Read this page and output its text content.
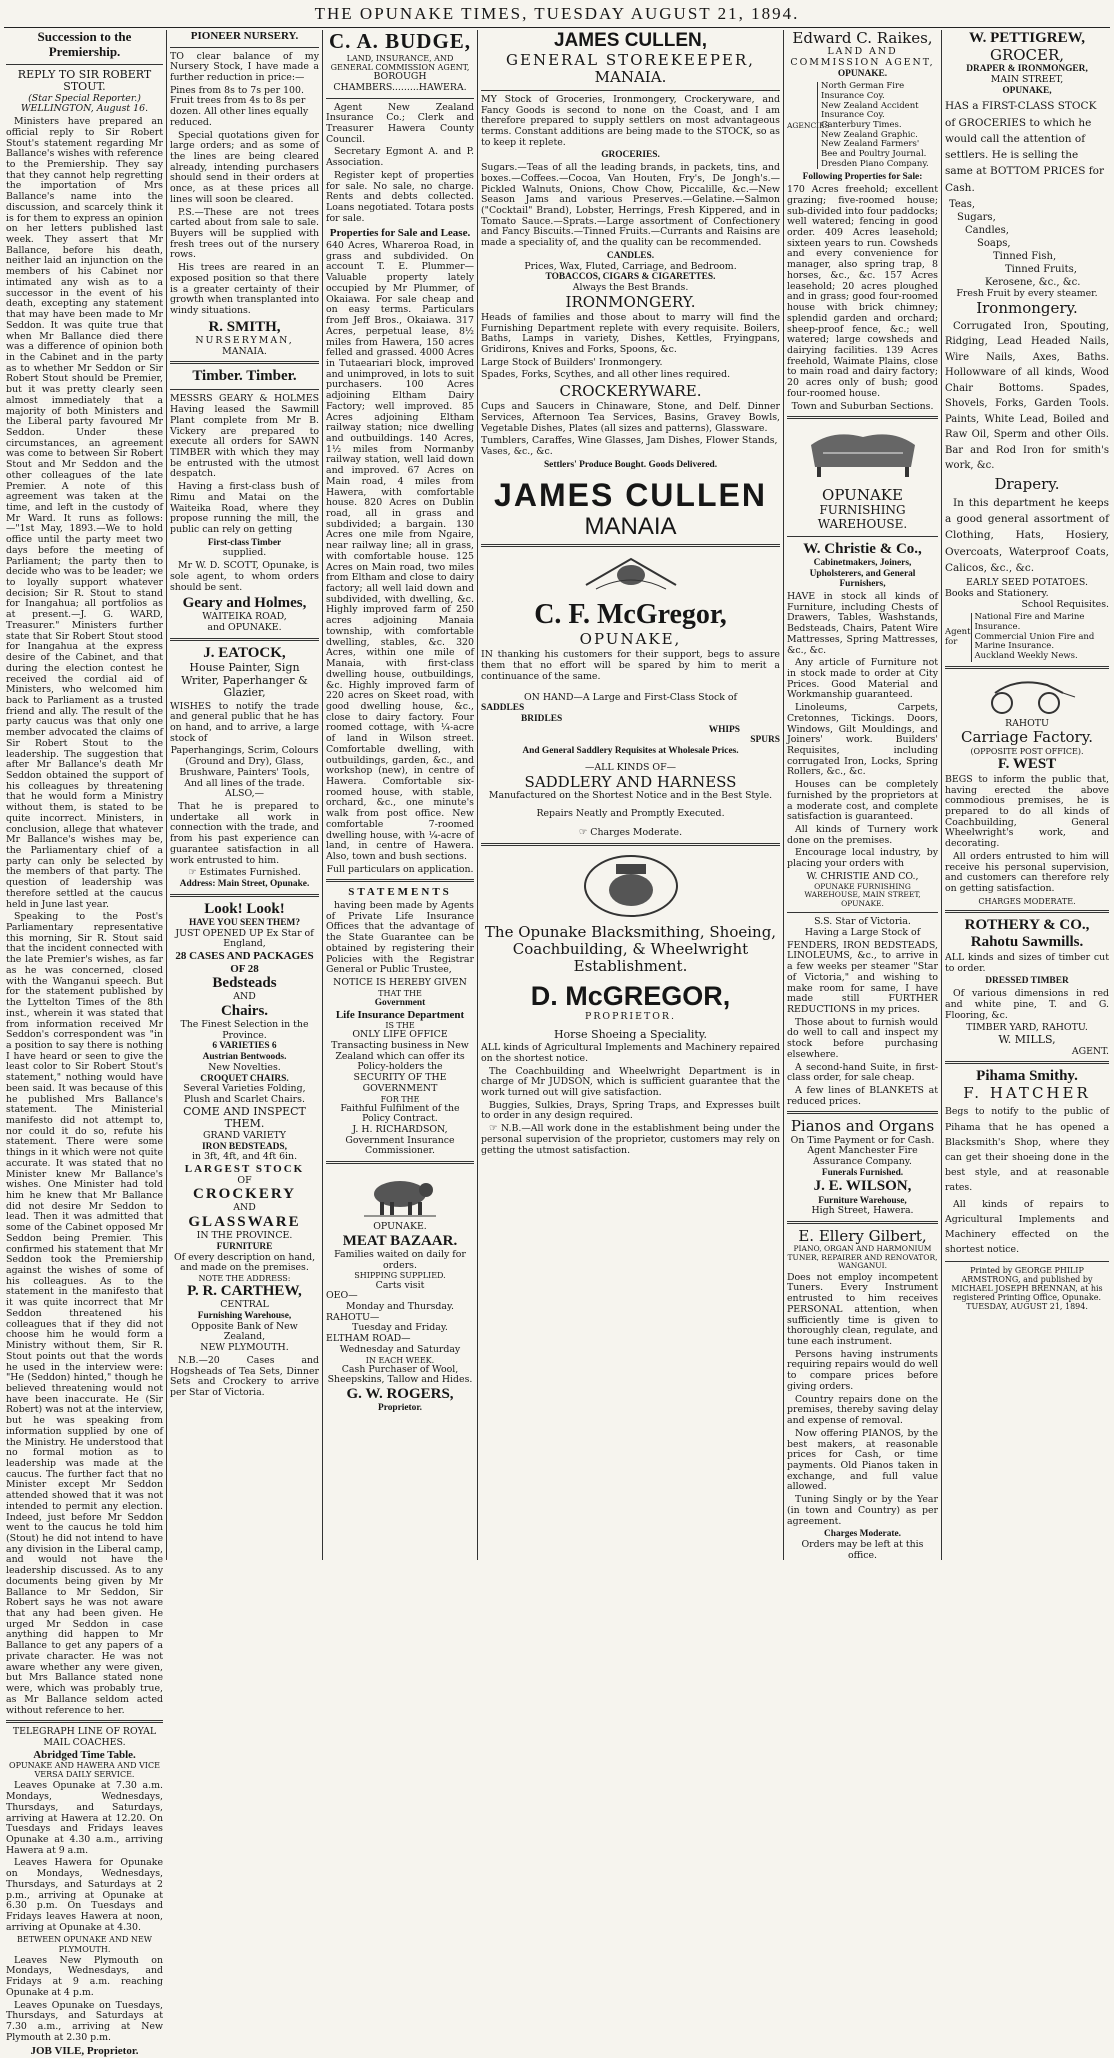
THE OPUNAKE TIMES, TUESDAY AUGUST 21, 1894.
Succession to the Premiership.
REPLY TO SIR ROBERT STOUT.
(Star Special Reporter.)
WELLINGTON, August 16.

Ministers have prepared an official reply to Sir Robert Stout's statement regarding Mr Ballance's wishes with reference to the Premiership. They say that they cannot help regretting the importation of Mrs Ballance's name into the discussion, and scarcely think it is for them to express an opinion on her letters published last week. They assert that Mr Ballance, before his death, neither laid an injunction on the members of his Cabinet nor intimated any wish as to a successor in the event of his death, excepting any statement that may have been made to Mr Seddon. It was quite true that when Mr Ballance died there was a difference of opinion both in the Cabinet and in the party as to whether Mr Seddon or Sir Robert Stout should be Premier, but it was pretty clearly seen almost immediately that a majority of both Ministers and the Liberal party favoured Mr Seddon. Under these circumstances, an agreement was come to between Sir Robert Stout and Mr Seddon and the other colleagues of the late Premier. A note of this agreement was taken at the time, and left in the custody of Mr Ward. It runs as follows:—"1st May, 1893.—We to hold office until the party meet two days before the meeting of Parliament; the party then to decide who was to be leader; we to loyally support whatever decision; Sir R. Stout to stand for Inangahua; all portfolios as at present.—J. G. WARD, Treasurer." Ministers further state that Sir Robert Stout stood for Inangahua at the express desire of the Cabinet, and that during the election contest he received the cordial aid of Ministers, who welcomed him back to Parliament as a trusted friend and ally. The result of the party caucus was that only one member advocated the claims of Sir Robert Stout to the leadership. The suggestion that after Mr Ballance's death Mr Seddon obtained the support of his colleagues by threatening that he would form a Ministry without them, is stated to be quite incorrect. Ministers, in conclusion, allege that whatever Mr Ballance's wishes may be, the Parliamentary chief of a party can only be selected by the members of that party. The question of leadership was therefore settled at the caucus held in June last year.

Speaking to the Post's Parliamentary representative this morning, Sir R. Stout said that the incident connected with the late Premier's wishes, as far as he was concerned, closed with the Wanganui speech. But for the statement published by the Lyttelton Times of the 8th inst., wherein it was stated that from information received Mr Seddon's correspondent was "in a position to say there is nothing I have heard or seen to give the least color to Sir Robert Stout's statement," nothing would have been said. It was because of this he published Mrs Ballance's statement. The Ministerial manifesto did not attempt to, nor could it do so, refute his statement. There were some things in it which were not quite accurate. It was stated that no Minister knew Mr Ballance's wishes. One Minister had told him he knew that Mr Ballance did not desire Mr Seddon to lead. Then it was admitted that some of the Cabinet opposed Mr Seddon being Premier. This confirmed his statement that Mr Seddon took the Premiership against the wishes of some of his colleagues. As to the statement in the manifesto that it was quite incorrect that Mr Seddon threatened his colleagues that if they did not choose him he would form a Ministry without them, Sir R. Stout points out that the words he used in the interview were: "He (Seddon) hinted," though he believed threatening would not have been inaccurate. He (Sir Robert) was not at the interview, but he was speaking from information supplied by one of the Ministry. He understood that no formal motion as to leadership was made at the caucus. The further fact that no Minister except Mr Seddon attended showed that it was not intended to permit any election. Indeed, just before Mr Seddon went to the caucus he told him (Stout) he did not intend to have any division in the Liberal camp, and would not have the leadership discussed. As to any documents being given by Mr Ballance to Mr Seddon, Sir Robert says he was not aware that any had been given. He urged Mr Seddon in case anything did happen to Mr Ballance to get any papers of a private character. He was not aware whether any were given, but Mrs Ballance stated none were, which was probably true, as Mr Ballance seldom acted without reference to her.

TELEGRAPH LINE OF ROYAL MAIL COACHES.
Abridged Time Table.
OPUNAKE AND HAWERA AND VICE VERSA DAILY SERVICE.

Leaves Opunake at 7.30 a.m. Mondays, Wednesdays, Thursdays, and Saturdays, arriving at Hawera at 12.20. On Tuesdays and Fridays leaves Opunake at 4.30 a.m., arriving Hawera at 9 a.m.

Leaves Hawera for Opunake on Mondays, Wednesdays, Thursdays, and Saturdays at 2 p.m., arriving at Opunake at 6.30 p.m. On Tuesdays and Fridays leaves Hawera at noon, arriving at Opunake at 4.30.

BETWEEN OPUNAKE AND NEW PLYMOUTH.

Leaves New Plymouth on Mondays, Wednesdays, and Fridays at 9 a.m. reaching Opunake at 4 p.m.

Leaves Opunake on Tuesdays, Thursdays, and Saturdays at 7.30 a.m., arriving at New Plymouth at 2.30 p.m.

JOB VILE, Proprietor.
PIONEER NURSERY.

TO clear balance of my Nursery Stock, I have made a further reduction in price:—

Pines from 8s to 7s per 100. Fruit trees from 4s to 8s per dozen. All other lines equally reduced.

Special quotations given for large orders; and as some of the lines are being cleared already, intending purchasers should send in their orders at once, as at these prices all lines will soon be cleared.

P.S.—These are not trees carted about from sale to sale. Buyers will be supplied with fresh trees out of the nursery rows.

His trees are reared in an exposed position so that there is a greater certainty of their growth when transplanted into windy situations.

R. SMITH,
NURSERYMAN,
MANAIA.
Timber. Timber.

MESSRS GEARY & HOLMES Having leased the Sawmill Plant complete from Mr B. Vickery are prepared to execute all orders for SAWN TIMBER with which they may be entrusted with the utmost despatch.

Having a first-class bush of Rimu and Matai on the Waiteika Road, where they propose running the mill, the public can rely on getting

First-class Timber
supplied.

Mr W. D. SCOTT, Opunake, is sole agent, to whom orders should be sent.

Geary and Holmes,
WAITEIKA ROAD,
and OPUNAKE.
J. EATOCK,
House Painter, Sign Writer, Paperhanger & Glazier,

WISHES to notify the trade and general public that he has on hand, and to arrive, a large stock of

Paperhangings, Scrim, Colours (Ground and Dry), Glass, Brushware, Painters' Tools, And all lines of the trade.
ALSO,—

That he is prepared to undertake all work in connection with the trade, and from his past experience can guarantee satisfaction in all work entrusted to him.

☞ Estimates Furnished.
Address: Main Street, Opunake.
Look! Look!
HAVE YOU SEEN THEM?
JUST OPENED UP Ex Star of England,
28 CASES AND PACKAGES OF 28
Bedsteads
AND
Chairs.
The Finest Selection in the Province.
6 VARIETIES 6
Austrian Bentwoods.
New Novelties.
CROQUET CHAIRS.
Several Varieties Folding, Plush and Scarlet Chairs.
COME AND INSPECT THEM.
GRAND VARIETY
IRON BEDSTEADS,
in 3ft, 4ft, and 4ft 6in.
LARGEST STOCK
OF
CROCKERY
AND
GLASSWARE
IN THE PROVINCE.
FURNITURE
Of every description on hand, and made on the premises.
NOTE THE ADDRESS:
P. R. CARTHEW,
CENTRAL
Furnishing Warehouse,
Opposite Bank of New Zealand,
NEW PLYMOUTH.

N.B.—20 Cases and Hogsheads of Tea Sets, Dinner Sets and Crockery to arrive per Star of Victoria.

C. A. BUDGE,
LAND, INSURANCE, AND GENERAL COMMISSION AGENT,
BOROUGH CHAMBERS.........HAWERA.

Agent New Zealand Insurance Co.; Clerk and Treasurer Hawera County Council.

Secretary Egmont A. and P. Association.

Register kept of properties for sale. No sale, no charge. Rents and debts collected. Loans negotiated. Totara posts for sale.

Properties for Sale and Lease.

640 Acres, Whareroa Road, in grass and subdivided. On account T. E. Plummer—Valuable property lately occupied by Mr Plummer, of Okaiawa. For sale cheap and on easy terms. Particulars from Jeff Bros., Okaiawa. 317 Acres, perpetual lease, 8½ miles from Hawera, 150 acres felled and grassed. 4000 Acres in Tutaeariari block, improved and unimproved, in lots to suit purchasers. 100 Acres adjoining Eltham Dairy Factory; well improved. 85 Acres adjoining Eltham railway station; nice dwelling and outbuildings. 140 Acres, 1½ miles from Normanby railway station, well laid down and improved. 67 Acres on Main road, 4 miles from Hawera, with comfortable house. 820 Acres on Dublin road, all in grass and subdivided; a bargain. 130 Acres one mile from Ngaire, near railway line; all in grass, with comfortable house. 125 Acres on Main road, two miles from Eltham and close to dairy factory; all well laid down and subdivided, with dwelling, &c. Highly improved farm of 250 acres adjoining Manaia township, with comfortable dwelling, stables, &c. 320 Acres, within one mile of Manaia, with first-class dwelling house, outbuildings, &c. Highly improved farm of 220 acres on Skeet road, with good dwelling house, &c., close to dairy factory. Four roomed cottage, with ¼-acre of land in Wilson street. Comfortable dwelling, with outbuildings, garden, &c., and workshop (new), in centre of Hawera. Comfortable six-roomed house, with stable, orchard, &c., one minute's walk from post office. New comfortable 7-roomed dwelling house, with ¼-acre of land, in centre of Hawera. Also, town and bush sections.

Full particulars on application.
STATEMENTS

having been made by Agents of Private Life Insurance Offices that the advantage of the State Guarantee can be obtained by registering their Policies with the Registrar General or Public Trustee,

NOTICE IS HEREBY GIVEN
THAT THE
Government
Life Insurance Department
IS THE
ONLY LIFE OFFICE
Transacting business in New Zealand which can offer its Policy-holders the
SECURITY OF THE GOVERNMENT
FOR THE
Faithful Fulfilment of the Policy Contract.
J. H. RICHARDSON,
Government Insurance Commissioner.
OPUNAKE.
MEAT BAZAAR.
Families waited on daily for orders.
SHIPPING SUPPLIED.
Carts visit
OEO—
Monday and Thursday.
RAHOTU—
Tuesday and Friday.
ELTHAM ROAD—
Wednesday and Saturday
IN EACH WEEK.
Cash Purchaser of Wool, Sheepskins, Tallow and Hides.
G. W. ROGERS,
Proprietor.
JAMES CULLEN,
GENERAL STOREKEEPER,
MANAIA.

MY Stock of Groceries, Ironmongery, Crockeryware, and Fancy Goods is second to none on the Coast, and I am therefore prepared to supply settlers on most advantageous terms. Constant additions are being made to the STOCK, so as to keep it replete.

GROCERIES.

Sugars.—Teas of all the leading brands, in packets, tins, and boxes.—Coffees.—Cocoa, Van Houten, Fry's, De Jongh's.—Pickled Walnuts, Onions, Chow Chow, Piccalille, &c.—New Season Jams and various Preserves.—Gelatine.—Salmon ("Cocktail" Brand), Lobster, Herrings, Fresh Kippered, and in Tomato Sauce.—Sprats.—Large assortment of Confectionery and Fancy Biscuits.—Tinned Fruits.—Currants and Raisins are made a speciality of, and the quality can be recommended.

CANDLES.
Prices, Wax, Fluted, Carriage, and Bedroom.
TOBACCOS, CIGARS & CIGARETTES.
Always the Best Brands.
IRONMONGERY.

Heads of families and those about to marry will find the Furnishing Department replete with every requisite. Boilers, Baths, Lamps in variety, Dishes, Kettles, Fryingpans, Gridirons, Knives and Forks, Spoons, &c.

Large Stock of Builders' Ironmongery.

Spades, Forks, Scythes, and all other lines required.

CROCKERYWARE.

Cups and Saucers in Chinaware, Stone, and Delf. Dinner Services, Afternoon Tea Services, Basins, Gravey Bowls, Vegetable Dishes, Plates (all sizes and patterns), Glassware.

Tumblers, Caraffes, Wine Glasses, Jam Dishes, Flower Stands, Vases, &c., &c.

Settlers' Produce Bought. Goods Delivered.
JAMES CULLEN
MANAIA
C. F. McGregor,
OPUNAKE,

IN thanking his customers for their support, begs to assure them that no effort will be spared by him to merit a continuance of the same.

ON HAND—A Large and First-Class Stock of
SADDLES
BRIDLES
WHIPS
SPURS
And General Saddlery Requisites at Wholesale Prices.
—ALL KINDS OF—
SADDLERY AND HARNESS
Manufactured on the Shortest Notice and in the Best Style.
Repairs Neatly and Promptly Executed.
☞ Charges Moderate.
The Opunake Blacksmithing, Shoeing, Coachbuilding, & Wheelwright Establishment.
D. McGREGOR,
PROPRIETOR.
Horse Shoeing a Speciality.

ALL kinds of Agricultural Implements and Machinery repaired on the shortest notice.

The Coachbuilding and Wheelwright Department is in charge of Mr JUDSON, which is sufficient guarantee that the work turned out will give satisfaction.

Buggies, Sulkies, Drays, Spring Traps, and Expresses built to order in any design required.

☞ N.B.—All work done in the establishment being under the personal supervision of the proprietor, customers may rely on getting the utmost satisfaction.

Edward C. Raikes,
LAND AND COMMISSION AGENT,
OPUNAKE.
AGENCIES
North German Fire Insurance Coy.
New Zealand Accident Insurance Coy.
Canterbury Times.
New Zealand Graphic.
New Zealand Farmers' Bee and Poultry Journal.
Dresden Piano Company.
Following Properties for Sale:

170 Acres freehold; excellent grazing; five-roomed house; sub-divided into four paddocks; well watered; fencing in good order. 409 Acres leasehold; sixteen years to run. Cowsheds and every convenience for manager, also spring trap, 8 horses, &c., &c. 157 Acres leasehold; 20 acres ploughed and in grass; good four-roomed house with brick chimney; splendid garden and orchard; sheep-proof fence, &c.; well watered; large cowsheds and dairying facilities. 139 Acres freehold, Waimate Plains, close to main road and dairy factory; 20 acres only of bush; good four-roomed house.

Town and Suburban Sections.
OPUNAKE
FURNISHING WAREHOUSE.
W. Christie & Co.,
Cabinetmakers, Joiners, Upholsterers, and General Furnishers,

HAVE in stock all kinds of Furniture, including Chests of Drawers, Tables, Washstands, Bedsteads, Chairs, Patent Wire Mattresses, Spring Mattresses, &c., &c.

Any article of Furniture not in stock made to order at City Prices. Good Material and Workmanship guaranteed.

Linoleums, Carpets, Cretonnes, Tickings. Doors, Windows, Gilt Mouldings, and Joiners' work. Builders' Requisites, including corrugated Iron, Locks, Spring Rollers, &c., &c.

Houses can be completely furnished by the proprietors at a moderate cost, and complete satisfaction is guaranteed.

All kinds of Turnery work done on the premises.

Encourage local industry, by placing your orders with

W. CHRISTIE AND CO.,
OPUNAKE FURNISHING WAREHOUSE, MAIN STREET, OPUNAKE.
S.S. Star of Victoria.
Having a Large Stock of

FENDERS, IRON BEDSTEADS, LINOLEUMS, &c., to arrive in a few weeks per steamer "Star of Victoria," and wishing to make room for same, I have made still FURTHER REDUCTIONS in my prices.

Those about to furnish would do well to call and inspect my stock before purchasing elsewhere.

A second-hand Suite, in first-class order, for sale cheap.

A few lines of BLANKETS at reduced prices.

Pianos and Organs
On Time Payment or for Cash.
Agent Manchester Fire Assurance Company.
Funerals Furnished.
J. E. WILSON,
Furniture Warehouse,
High Street, Hawera.
E. Ellery Gilbert,
PIANO, ORGAN AND HARMONIUM TUNER, REPAIRER AND RENOVATOR, WANGANUI.

Does not employ incompetent Tuners. Every Instrument entrusted to him receives PERSONAL attention, when sufficiently time is given to thoroughly clean, regulate, and tune each instrument.

Persons having instruments requiring repairs would do well to compare prices before giving orders.

Country repairs done on the premises, thereby saving delay and expense of removal.

Now offering PIANOS, by the best makers, at reasonable prices for Cash, or time payments. Old Pianos taken in exchange, and full value allowed.

Tuning Singly or by the Year (in town and Country) as per agreement.

Charges Moderate.
Orders may be left at this office.
W. PETTIGREW,
GROCER,
DRAPER & IRONMONGER,
MAIN STREET,
OPUNAKE,

HAS a FIRST-CLASS STOCK of GROCERIES to which he would call the attention of settlers. He is selling the same at BOTTOM PRICES for Cash.

Teas,
Sugars,
Candles,
Soaps,
Tinned Fish,
Tinned Fruits,
Kerosene, &c., &c.
Fresh Fruit by every steamer.
Ironmongery.

Corrugated Iron, Spouting, Ridging, Lead Headed Nails, Wire Nails, Axes, Baths. Hollowware of all kinds, Wood Chair Bottoms. Spades, Shovels, Forks, Garden Tools. Paints, White Lead, Boiled and Raw Oil, Sperm and other Oils. Bar and Rod Iron for smith's work, &c.

Drapery.

In this department he keeps a good general assortment of Clothing, Hats, Hosiery, Overcoats, Waterproof Coats, Calicos, &c., &c.

EARLY SEED POTATOES.
Books and Stationery.
School Requisites.
Agent for
National Fire and Marine Insurance.
Commercial Union Fire and Marine Insurance.
Auckland Weekly News.
RAHOTU
Carriage Factory.
(OPPOSITE POST OFFICE).
F. WEST

BEGS to inform the public that, having erected the above commodious premises, he is prepared to do all kinds of Coachbuilding, General Wheelwright's work, and decorating.

All orders entrusted to him will receive his personal supervision, and customers can therefore rely on getting satisfaction.

CHARGES MODERATE.
ROTHERY & CO.,
Rahotu Sawmills.

ALL kinds and sizes of timber cut to order.

DRESSED TIMBER

Of various dimensions in red and white pine, T. and G. Flooring, &c.

TIMBER YARD, RAHOTU.
W. MILLS,
AGENT.
Pihama Smithy.
F. HATCHER

Begs to notify to the public of Pihama that he has opened a Blacksmith's Shop, where they can get their shoeing done in the best style, and at reasonable rates.

All kinds of repairs to Agricultural Implements and Machinery effected on the shortest notice.

Printed by GEORGE PHILIP ARMSTRONG, and published by MICHAEL JOSEPH BRENNAN, at his registered Printing Office, Opunake. TUESDAY, AUGUST 21, 1894.
